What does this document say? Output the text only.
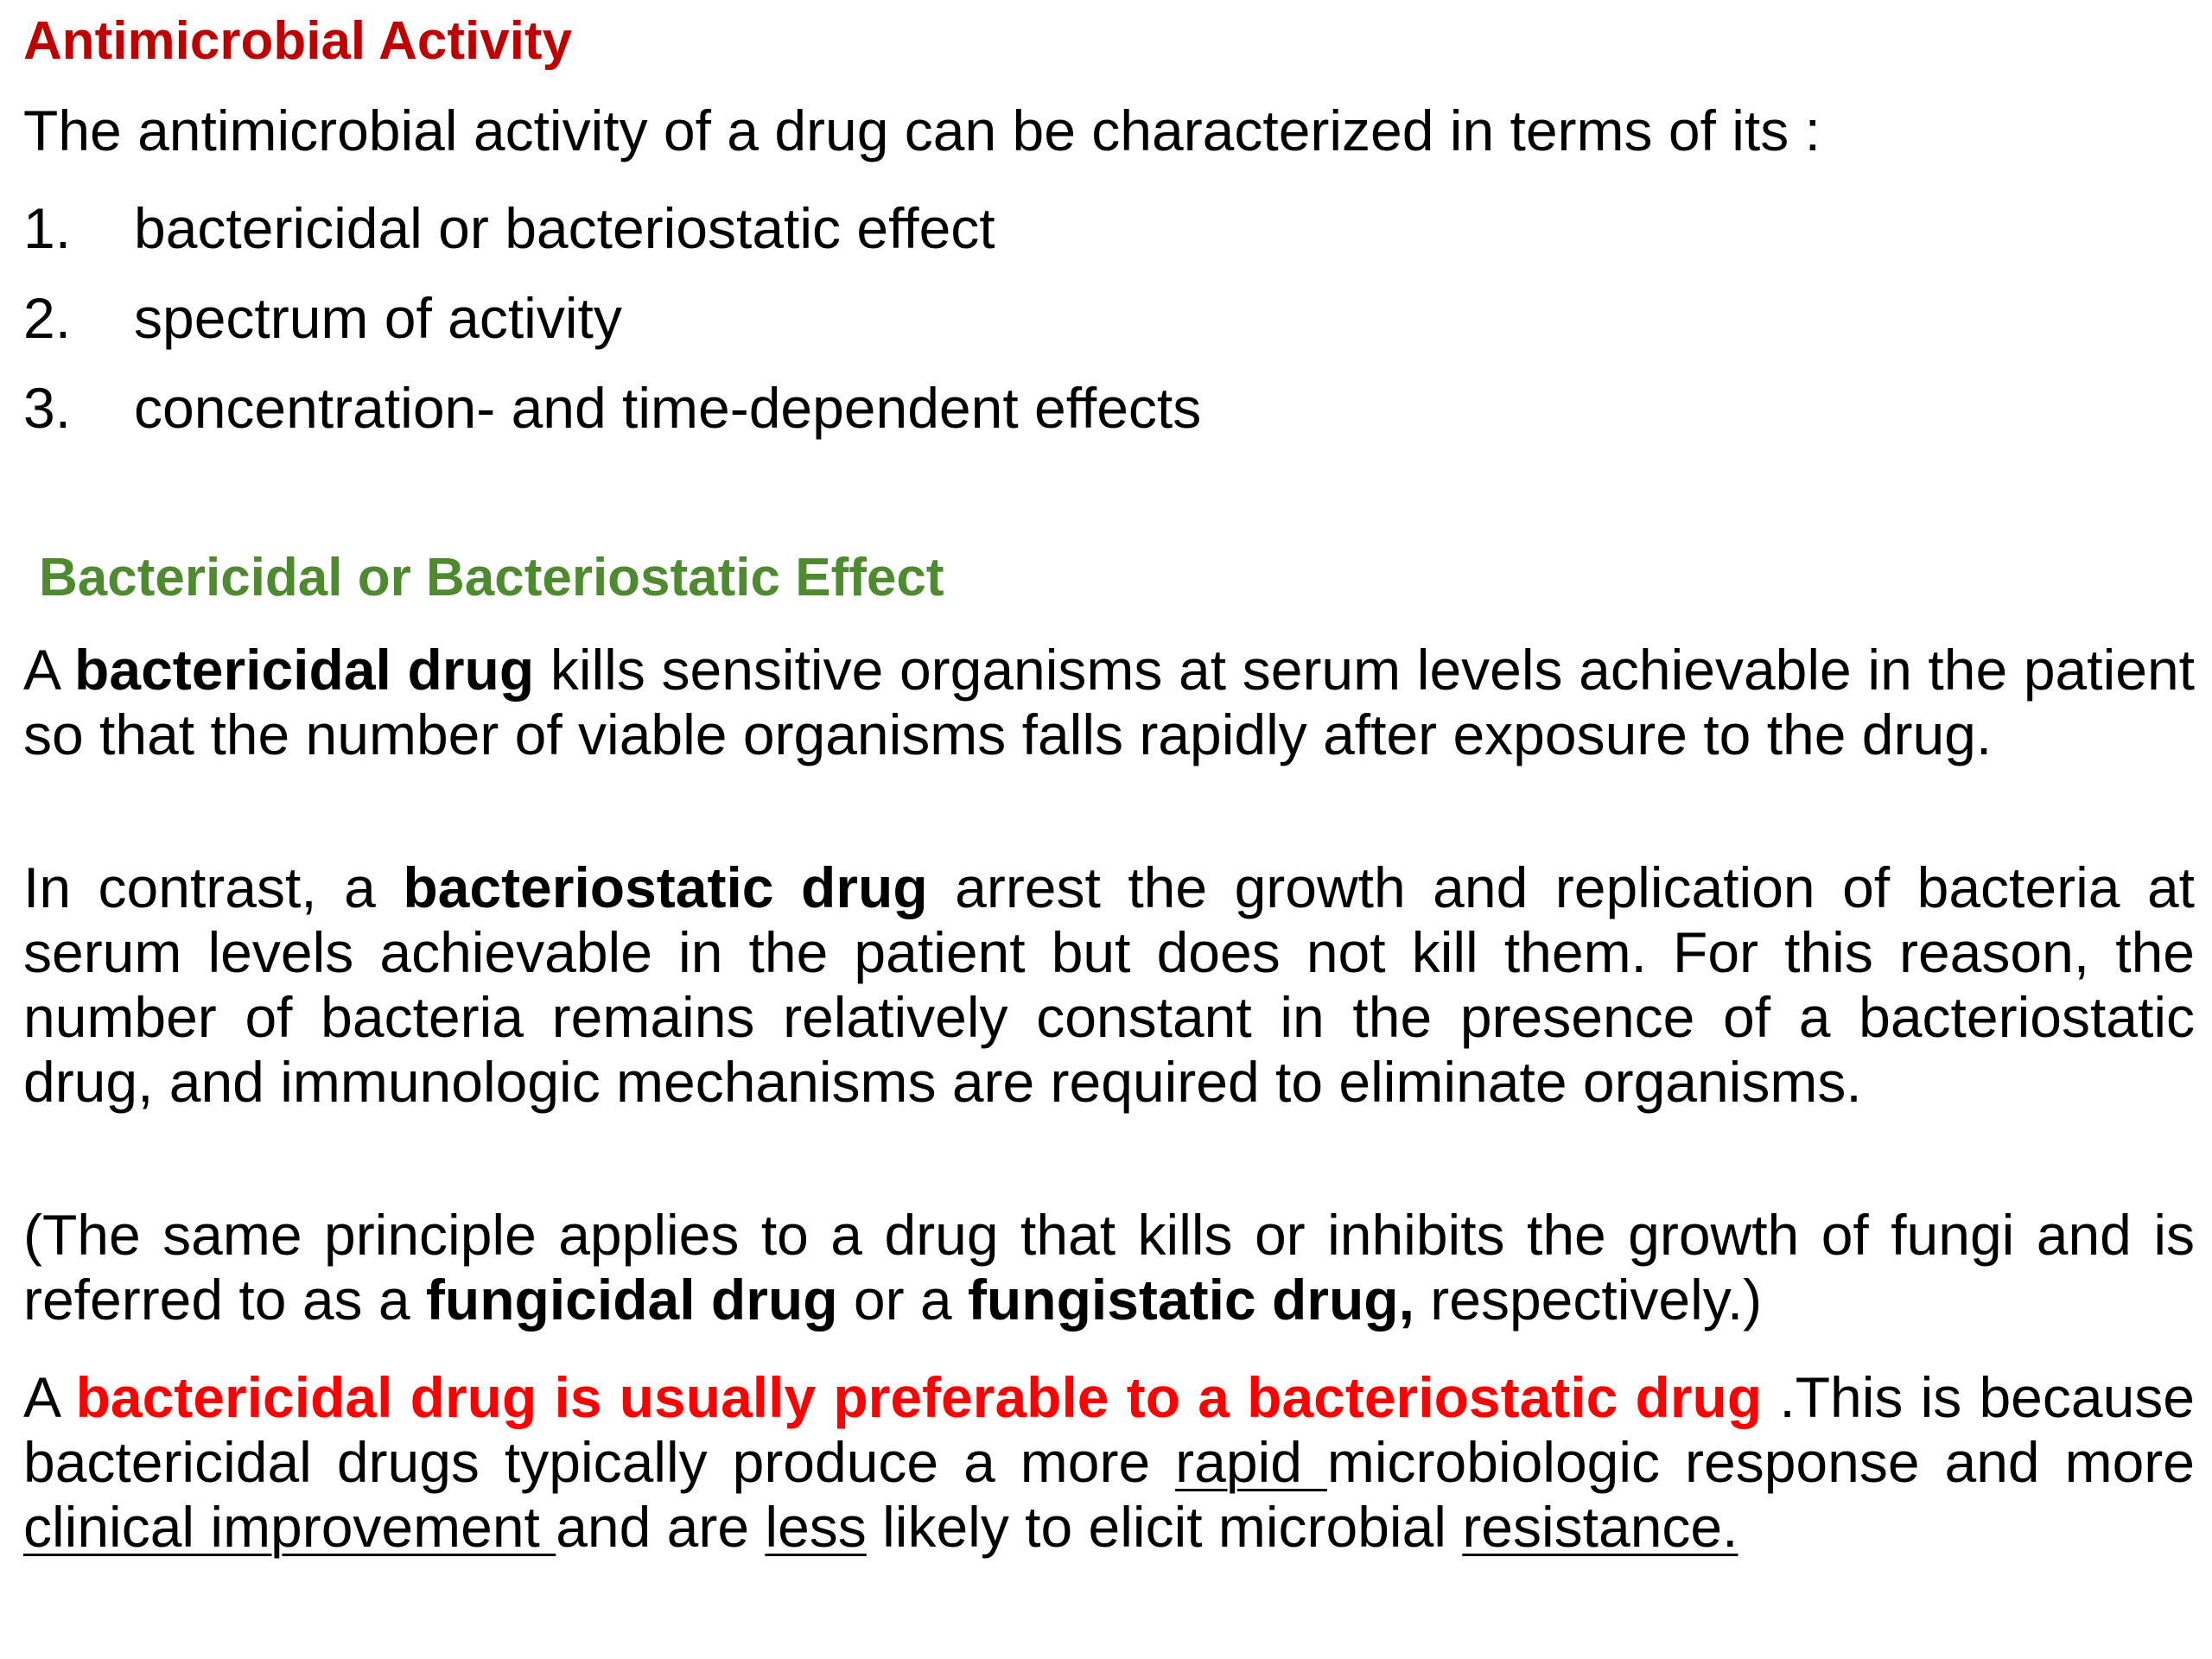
Antimicrobial Activity
The antimicrobial activity of a drug can be characterized in terms of its :
1. bactericidal or bacteriostatic effect
2. spectrum of activity
3. concentration- and time-dependent effects
Bactericidal or Bacteriostatic Effect

A bactericidal drug kills sensitive organisms at serum levels achievable in the patient so that the number of viable organisms falls rapidly after exposure to the drug.

In contrast, a bacteriostatic drug arrest the growth and replication of bacteria at serum levels achievable in the patient but does not kill them. For this reason, the number of bacteria remains relatively constant in the presence of a bacteriostatic drug, and immunologic mechanisms are required to eliminate organisms.

(The same principle applies to a drug that kills or inhibits the growth of fungi and is referred to as a fungicidal drug or a fungistatic drug, respectively.)

A bactericidal drug is usually preferable to a bacteriostatic drug .This is because bactericidal drugs typically produce a more rapid microbiologic response and more clinical improvement and are less likely to elicit microbial resistance.
